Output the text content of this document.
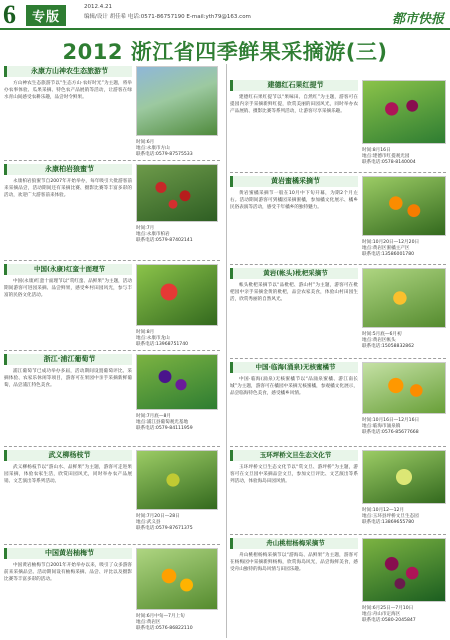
6	专版
2012.4.21
编辑/设计 胡佳希 电话:0571-86757190 E-mail:yth79@163.com	都市快报
2012 浙江省四季鲜果采摘游(三)
永康方山神农生态旅游节
方山神农生态旅游节以“生态方山·农好时光”为主题，将举办农事体验、瓜果采摘、特色农产品展销等活动，让游客在绿水青山间感受农耕乐趣，品尝时令鲜果。
时间:6月
地点:永康市方山
联系电话:0579-87575533
永康柏岩狼蜜节
永康柏岩狼蜜节自2007年开始举办，每年吸引大批游客前来采摘品尝，活动期间还有采摘比赛、摄影比赛等丰富多彩的活动，欢迎广大游客前来体验。
时间:7月
地点:永康市柏岩
联系电话:0579-87402141
中国(永康)红蛮十面理节
中国(永康)红蛮十面理节以“赏红蛮、品鲜果”为主题，活动期间游客可进园采摘、品尝鲜果，感受乡村田园风光，参与丰富的民俗文化活动。
时间:8月
地点:永康市龙山
联系电话:13968751740
浙江·浦江葡萄节
浦江葡萄节已成功举办多届，活动期间设置葡萄评比、采摘体验、农家乐休闲等项目，游客可在果园中亲手采摘新鲜葡萄，品尝浦江特色美食。
时间:7月底—8月
地点:浦江县葡萄观光基地
联系电话:0579-84111959
武义柳杨枝节
武义柳杨枝节以“游山水、品鲜果”为主题，游客可走进果园采摘，体验农家生活，欣赏田园风光，同时举办农产品展销、文艺演出等系列活动。
时间:7月20日—28日
地点:武义县
联系电话:0579-87671375
中国黄岩柚梅节
中国黄岩柚梅节自2001年开始举办以来，吸引了众多游客前来采摘品尝。活动期间设有柚梅采摘、品尝、评比以及摄影比赛等丰富多彩的活动。
时间:6月中旬—7月上旬
地点:黄岩区
联系电话:0576-86822110
建德红石果红提节
建德红石果红提节以“果味田、自然红”为主题，游客可在提园内亲手采摘新鲜红提，欣赏美丽的田园风光，同时举办农产品展销、摄影比赛等系列活动，让游客尽享采摘乐趣。
时间:8月16日
地点:建德市红提观光园
联系电话:0578-8140004
黄岩蜜橘采摘节
黄岩蜜橘采摘节一般在10月中下旬开幕，为期2个月左右。活动期间游客可到橘园采摘蜜橘，参加橘文化展示、橘乡民俗表演等活动，感受千年橘乡的独特魅力。
时间:10月20日—12月20日
地点:黄岩区蜜橘主产区
联系电话:13586001780
黄岩(帐头)枇杷采摘节
帐头枇杷采摘节以“品枇杷、游山村”为主题，游客可在枇杷园中亲手采摘金黄的枇杷，品尝农家美食，体验山村田园生活，欣赏秀丽的自然风光。
时间:5月底—6月初
地点:黄岩区帐头
联系电话:15058832862
中国·临海(涌泉)无核蜜橘节
中国·临海(涌泉)无核蜜橘节以“品涌泉蜜橘、游江南长城”为主题，游客可在橘园中采摘无核蜜橘，参观橘文化展示，品尝临海特色美食，感受橘乡风情。
时间:10月16日—12月16日
地点:临海市涌泉镇
联系电话:0576-85677668
玉环坪桥文旦生态文化节
玉环坪桥文旦生态文化节以“赏文旦、游坪桥”为主题，游客可在文旦园中采摘品尝文旦，参加文旦评比、文艺演出等系列活动，体验海岛田园风情。
时间:10月12—12月
地点:玉环县坪桥文旦生态园
联系电话:13869655780
舟山桃柑杨梅采摘节
舟山桃柑杨梅采摘节以“游海岛、品鲜果”为主题，游客可在杨梅园中采摘新鲜杨梅，欣赏海岛风光，品尝海鲜美食，感受舟山独特的海岛风情与田园乐趣。
时间:6月25日—7月10日
地点:舟山市定海区
联系电话:0580-2045847
